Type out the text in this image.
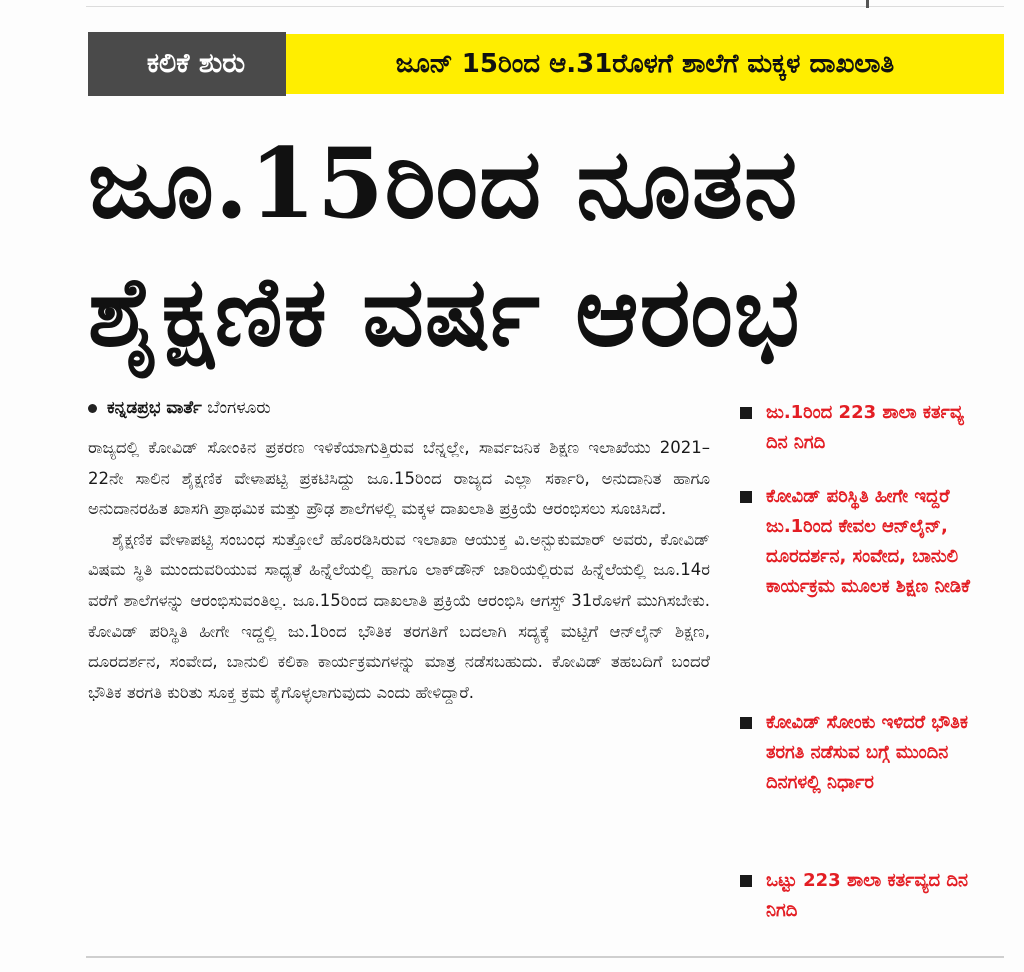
ಕಲಿಕೆ ಶುರು	ಜೂನ್ 15ರಿಂದ ಆ.31ರೊಳಗೆ ಶಾಲೆಗೆ ಮಕ್ಕಳ ದಾಖಲಾತಿ
ಜೂ.15ರಿಂದ ನೂತನ
ಶೈಕ್ಷಣಿಕ ವರ್ಷ ಆರಂಭ
ಕನ್ನಡಪ್ರಭ ವಾರ್ತೆ ಬೆಂಗಳೂರು

ರಾಜ್ಯದಲ್ಲಿ ಕೋವಿಡ್ ಸೋಂಕಿನ ಪ್ರಕರಣ ಇಳಿಕೆಯಾಗುತ್ತಿರುವ ಬೆನ್ನಲ್ಲೇ, ಸಾರ್ವಜನಿಕ ಶಿಕ್ಷಣ ಇಲಾಖೆಯು 2021–22ನೇ ಸಾಲಿನ ಶೈಕ್ಷಣಿಕ ವೇಳಾಪಟ್ಟಿ ಪ್ರಕಟಿಸಿದ್ದು ಜೂ.15ರಿಂದ ರಾಜ್ಯದ ಎಲ್ಲಾ ಸರ್ಕಾರಿ, ಅನುದಾನಿತ ಹಾಗೂ ಅನುದಾನರಹಿತ ಖಾಸಗಿ ಪ್ರಾಥಮಿಕ ಮತ್ತು ಪ್ರೌಢ ಶಾಲೆಗಳಲ್ಲಿ ಮಕ್ಕಳ ದಾಖಲಾತಿ ಪ್ರಕ್ರಿಯೆ ಆರಂಭಿಸಲು ಸೂಚಿಸಿದೆ.

ಶೈಕ್ಷಣಿಕ ವೇಳಾಪಟ್ಟಿ ಸಂಬಂಧ ಸುತ್ತೋಲೆ ಹೊರಡಿಸಿರುವ ಇಲಾಖಾ ಆಯುಕ್ತ ವಿ.ಅನ್ಬುಕುಮಾರ್ ಅವರು, ಕೋವಿಡ್ ವಿಷಮ ಸ್ಥಿತಿ ಮುಂದುವರಿಯುವ ಸಾಧ್ಯತೆ ಹಿನ್ನೆಲೆಯಲ್ಲಿ ಹಾಗೂ ಲಾಕ್‌ಡೌನ್ ಜಾರಿಯಲ್ಲಿರುವ ಹಿನ್ನೆಲೆಯಲ್ಲಿ ಜೂ.14ರ ವರೆಗೆ ಶಾಲೆಗಳನ್ನು ಆರಂಭಿಸುವಂತಿಲ್ಲ. ಜೂ.15ರಿಂದ ದಾಖಲಾತಿ ಪ್ರಕ್ರಿಯೆ ಆರಂಭಿಸಿ ಆಗಸ್ಟ್ 31ರೊಳಗೆ ಮುಗಿಸಬೇಕು. ಕೋವಿಡ್ ಪರಿಸ್ಥಿತಿ ಹೀಗೇ ಇದ್ದಲ್ಲಿ ಜು.1ರಿಂದ ಭೌತಿಕ ತರಗತಿಗೆ ಬದಲಾಗಿ ಸದ್ಯಕ್ಕೆ ಮಟ್ಟಿಗೆ ಆನ್‌ಲೈನ್ ಶಿಕ್ಷಣ, ದೂರದರ್ಶನ, ಸಂವೇದ, ಬಾನುಲಿ ಕಲಿಕಾ ಕಾರ್ಯಕ್ರಮಗಳನ್ನು ಮಾತ್ರ ನಡೆಸಬಹುದು. ಕೋವಿಡ್ ತಹಬದಿಗೆ ಬಂದರೆ ಭೌತಿಕ ತರಗತಿ ಕುರಿತು ಸೂಕ್ತ ಕ್ರಮ ಕೈಗೊಳ್ಳಲಾಗುವುದು ಎಂದು ಹೇಳಿದ್ದಾರೆ.

ಜು.1ರಿಂದ 223 ಶಾಲಾ ಕರ್ತವ್ಯ ದಿನ ನಿಗದಿ
ಕೋವಿಡ್ ಪರಿಸ್ಥಿತಿ ಹೀಗೇ ಇದ್ದರೆ ಜು.1ರಿಂದ ಕೇವಲ ಆನ್‌ಲೈನ್, ದೂರದರ್ಶನ, ಸಂವೇದ, ಬಾನುಲಿ ಕಾರ್ಯಕ್ರಮ ಮೂಲಕ ಶಿಕ್ಷಣ ನೀಡಿಕೆ
ಕೋವಿಡ್ ಸೋಂಕು ಇಳಿದರೆ ಭೌತಿಕ ತರಗತಿ ನಡೆಸುವ ಬಗ್ಗೆ ಮುಂದಿನ ದಿನಗಳಲ್ಲಿ ನಿರ್ಧಾರ
ಒಟ್ಟು 223 ಶಾಲಾ ಕರ್ತವ್ಯದ ದಿನ ನಿಗದಿ
